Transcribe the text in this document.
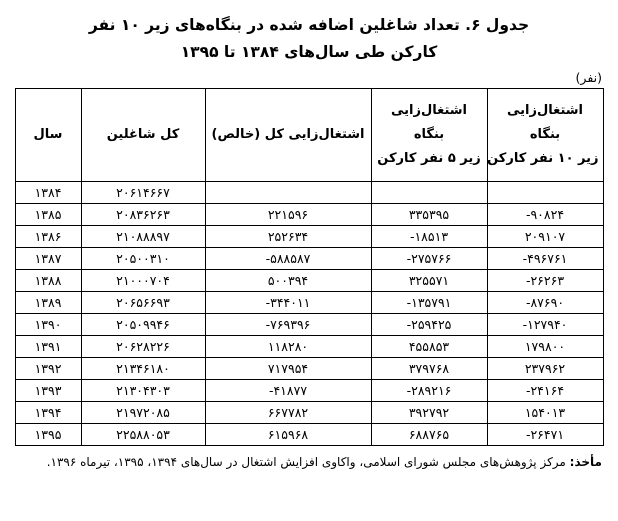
جدول ۶. تعداد شاغلین اضافه شده در بنگاه‌های زیر ۱۰ نفر
کارکن طی سال‌های ۱۳۸۴ تا ۱۳۹۵
(نفر)
اشتغال‌زایی
بنگاه
زیر ۱۰ نفر کارکن	اشتغال‌زایی
بنگاه
زیر ۵ نفر کارکن	اشتغال‌زایی کل (خالص)	کل شاغلین	سال

			۲۰۶۱۴۶۶۷	۱۳۸۴
۹۰۸۲۴-	۳۳۵۳۹۵	۲۲۱۵۹۶	۲۰۸۳۶۲۶۳	۱۳۸۵
۲۰۹۱۰۷	۱۸۵۱۳-	۲۵۲۶۳۴	۲۱۰۸۸۸۹۷	۱۳۸۶
۴۹۶۷۶۱-	۲۷۵۷۶۶-	۵۸۸۵۸۷-	۲۰۵۰۰۳۱۰	۱۳۸۷
۲۶۲۶۳-	۳۲۵۵۷۱	۵۰۰۳۹۴	۲۱۰۰۰۷۰۴	۱۳۸۸
۸۷۶۹۰-	۱۳۵۷۹۱-	۳۴۴۰۱۱-	۲۰۶۵۶۶۹۳	۱۳۸۹
۱۲۷۹۴۰-	۲۵۹۴۲۵-	۷۶۹۳۹۶-	۲۰۵۰۹۹۴۶	۱۳۹۰
۱۷۹۸۰۰	۴۵۵۸۵۳	۱۱۸۲۸۰	۲۰۶۲۸۲۲۶	۱۳۹۱
۲۳۷۹۶۲	۳۷۹۷۶۸	۷۱۷۹۵۴	۲۱۳۴۶۱۸۰	۱۳۹۲
۲۴۱۶۴-	۲۸۹۲۱۶-	۴۱۸۷۷-	۲۱۳۰۴۳۰۳	۱۳۹۳
۱۵۴۰۱۳	۳۹۲۷۹۲	۶۶۷۷۸۲	۲۱۹۷۲۰۸۵	۱۳۹۴
۲۶۴۷۱-	۶۸۸۷۶۵	۶۱۵۹۶۸	۲۲۵۸۸۰۵۳	۱۳۹۵
مأخذ: مرکز پژوهش‌های مجلس شورای اسلامی، واکاوی افزایش اشتغال در سال‌های ۱۳۹۴، ۱۳۹۵، تیرماه ۱۳۹۶.
